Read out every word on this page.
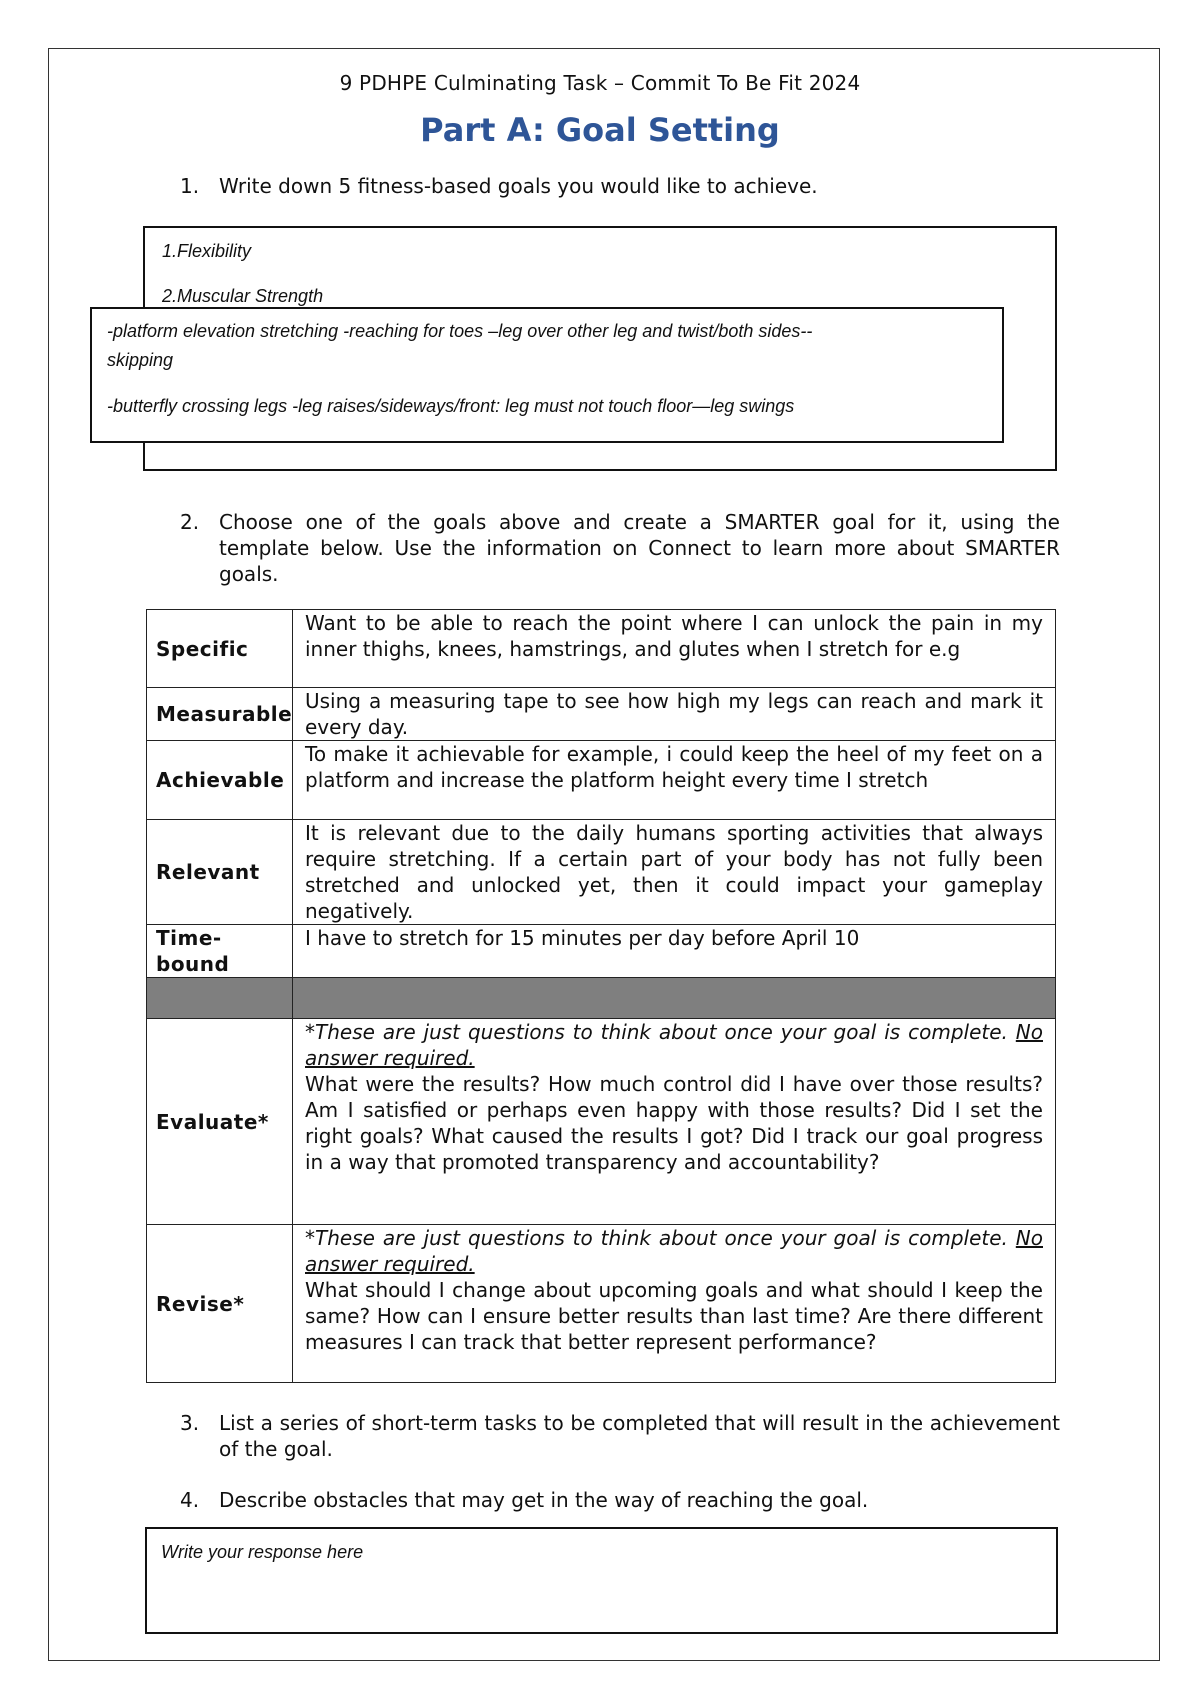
9 PDHPE Culminating Task – Commit To Be Fit 2024
Part A: Goal Setting
1. Write down 5 fitness-based goals you would like to achieve.
1.Flexibility
2.Muscular Strength
-platform elevation stretching -reaching for toes –leg over other leg and twist/both sides--
skipping
-butterfly crossing legs -leg raises/sideways/front: leg must not touch floor—leg swings
2. Choose one of the goals above and create a SMARTER goal for it, using the template below. Use the information on Connect to learn more about SMARTER goals.
Specific	Want to be able to reach the point where I can unlock the pain in my inner thighs, knees, hamstrings, and glutes when I stretch for e.g
Measurable	Using a measuring tape to see how high my legs can reach and mark it every day.
Achievable	To make it achievable for example, i could keep the heel of my feet on a platform and increase the platform height every time I stretch
Relevant	It is relevant due to the daily humans sporting activities that always require stretching. If a certain part of your body has not fully been stretched and unlocked yet, then it could impact your gameplay negatively.
Time-bound	I have to stretch for 15 minutes per day before April 10

Evaluate*	*These are just questions to think about once your goal is complete. No answer required.
What were the results? How much control did I have over those results? Am I satisfied or perhaps even happy with those results? Did I set the right goals? What caused the results I got? Did I track our goal progress in a way that promoted transparency and accountability?
Revise*	*These are just questions to think about once your goal is complete. No answer required.
What should I change about upcoming goals and what should I keep the same? How can I ensure better results than last time? Are there different measures I can track that better represent performance?
3. List a series of short-term tasks to be completed that will result in the achievement of the goal.
4. Describe obstacles that may get in the way of reaching the goal.
Write your response here
